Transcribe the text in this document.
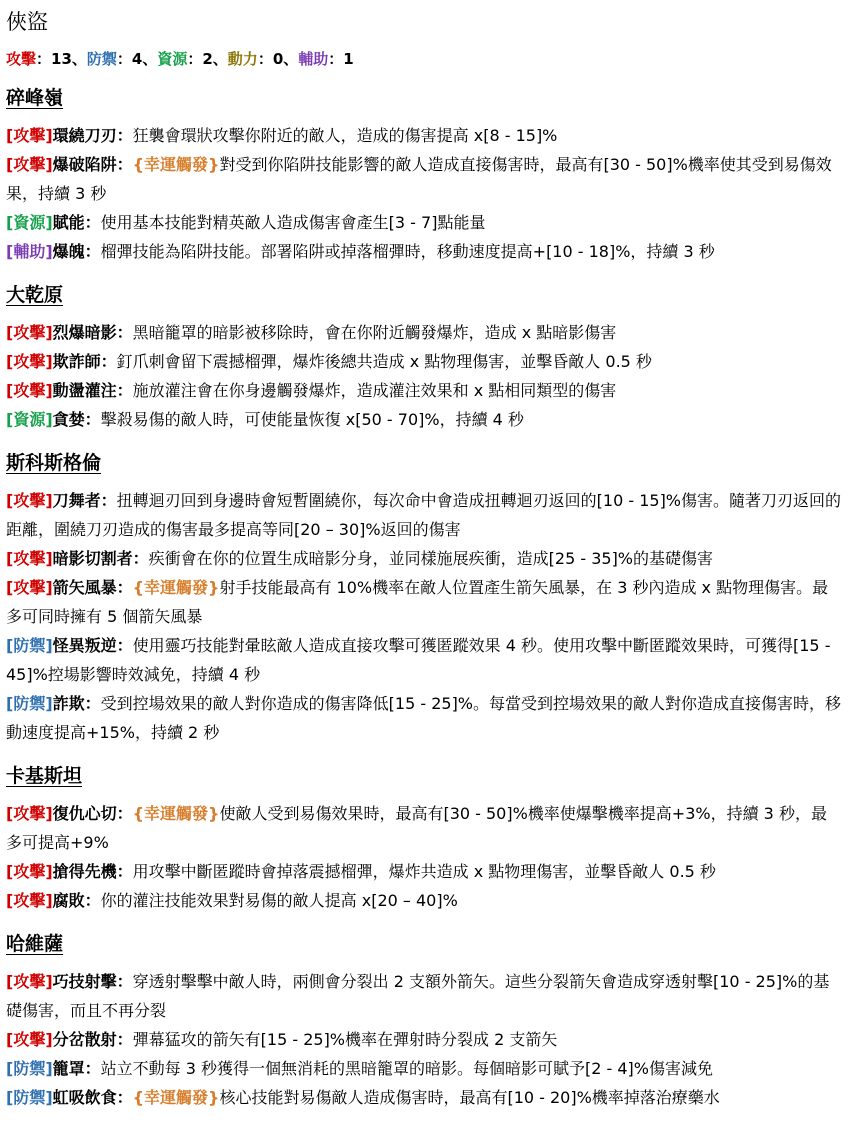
俠盜
攻擊：13、防禦：4、資源：2、動力：0、輔助：1
碎峰嶺
[攻擊]環繞刀刃：狂襲會環狀攻擊你附近的敵人，造成的傷害提高 x[8 - 15]%
[攻擊]爆破陷阱：{幸運觸發}對受到你陷阱技能影響的敵人造成直接傷害時，最高有[30 - 50]%機率使其受到易傷效果，持續 3 秒
[資源]賦能：使用基本技能對精英敵人造成傷害會產生[3 - 7]點能量
[輔助]爆魄：榴彈技能為陷阱技能。部署陷阱或掉落榴彈時，移動速度提高+[10 - 18]%，持續 3 秒
大乾原
[攻擊]烈爆暗影：黑暗籠罩的暗影被移除時，會在你附近觸發爆炸，造成 x 點暗影傷害
[攻擊]欺詐師：釘爪刺會留下震撼榴彈，爆炸後總共造成 x 點物理傷害，並擊昏敵人 0.5 秒
[攻擊]動盪灌注：施放灌注會在你身邊觸發爆炸，造成灌注效果和 x 點相同類型的傷害
[資源]貪婪：擊殺易傷的敵人時，可使能量恢復 x[50 - 70]%，持續 4 秒
斯科斯格倫
[攻擊]刀舞者：扭轉迴刃回到身邊時會短暫圍繞你，每次命中會造成扭轉迴刃返回的[10 - 15]%傷害。隨著刀刃返回的距離，圍繞刀刃造成的傷害最多提高等同[20 – 30]%返回的傷害
[攻擊]暗影切割者：疾衝會在你的位置生成暗影分身，並同樣施展疾衝，造成[25 - 35]%的基礎傷害
[攻擊]箭矢風暴：{幸運觸發}射手技能最高有 10%機率在敵人位置產生箭矢風暴，在 3 秒內造成 x 點物理傷害。最多可同時擁有 5 個箭矢風暴
[防禦]怪異叛逆：使用靈巧技能對暈眩敵人造成直接攻擊可獲匿蹤效果 4 秒。使用攻擊中斷匿蹤效果時，可獲得[15 - 45]%控場影響時效減免，持續 4 秒
[防禦]詐欺：受到控場效果的敵人對你造成的傷害降低[15 - 25]%。每當受到控場效果的敵人對你造成直接傷害時，移動速度提高+15%，持續 2 秒
卡基斯坦
[攻擊]復仇心切：{幸運觸發}使敵人受到易傷效果時，最高有[30 - 50]%機率使爆擊機率提高+3%，持續 3 秒，最多可提高+9%
[攻擊]搶得先機：用攻擊中斷匿蹤時會掉落震撼榴彈，爆炸共造成 x 點物理傷害，並擊昏敵人 0.5 秒
[攻擊]腐敗：你的灌注技能效果對易傷的敵人提高 x[20 – 40]%
哈維薩
[攻擊]巧技射擊：穿透射擊擊中敵人時，兩側會分裂出 2 支額外箭矢。這些分裂箭矢會造成穿透射擊[10 - 25]%的基礎傷害，而且不再分裂
[攻擊]分岔散射：彈幕猛攻的箭矢有[15 - 25]%機率在彈射時分裂成 2 支箭矢
[防禦]籠罩：站立不動每 3 秒獲得一個無消耗的黑暗籠罩的暗影。每個暗影可賦予[2 - 4]%傷害減免
[防禦]虹吸飲食：{幸運觸發}核心技能對易傷敵人造成傷害時，最高有[10 - 20]%機率掉落治療藥水
